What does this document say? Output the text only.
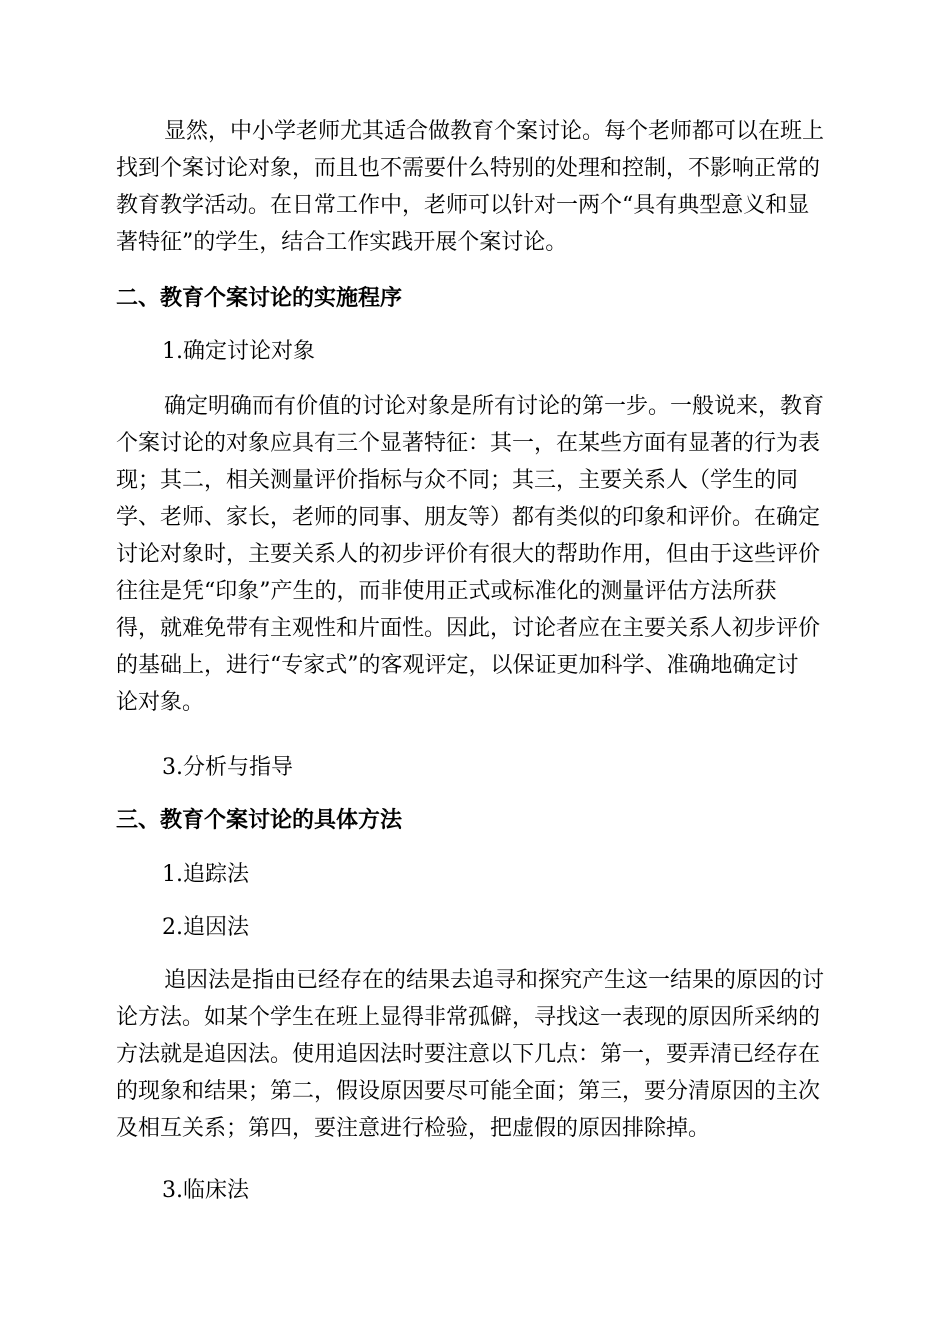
显然，中小学老师尤其适合做教育个案讨论。每个老师都可以在班上
找到个案讨论对象，而且也不需要什么特别的处理和控制，不影响正常的
教育教学活动。在日常工作中，老师可以针对一两个“具有典型意义和显
著特征”的学生，结合工作实践开展个案讨论。

二、教育个案讨论的实施程序

1.确定讨论对象

确定明确而有价值的讨论对象是所有讨论的第一步。一般说来，教育
个案讨论的对象应具有三个显著特征：其一，在某些方面有显著的行为表
现；其二，相关测量评价指标与众不同；其三，主要关系人（学生的同
学、老师、家长，老师的同事、朋友等）都有类似的印象和评价。在确定
讨论对象时，主要关系人的初步评价有很大的帮助作用，但由于这些评价
往往是凭“印象”产生的，而非使用正式或标准化的测量评估方法所获
得，就难免带有主观性和片面性。因此，讨论者应在主要关系人初步评价
的基础上，进行“专家式”的客观评定，以保证更加科学、准确地确定讨
论对象。

3.分析与指导

三、教育个案讨论的具体方法

1.追踪法

2.追因法

追因法是指由已经存在的结果去追寻和探究产生这一结果的原因的讨
论方法。如某个学生在班上显得非常孤僻，寻找这一表现的原因所采纳的
方法就是追因法。使用追因法时要注意以下几点：第一，要弄清已经存在
的现象和结果；第二，假设原因要尽可能全面；第三，要分清原因的主次
及相互关系；第四，要注意进行检验，把虚假的原因排除掉。

3.临床法
